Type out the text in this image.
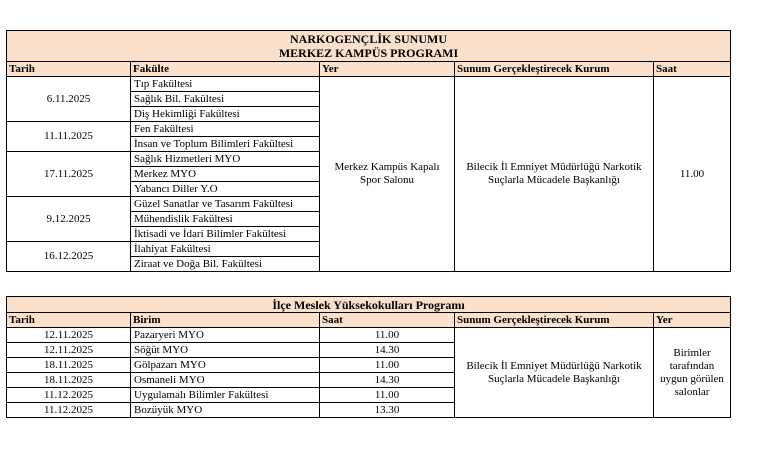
NARKOGENÇLİK SUNUMU
MERKEZ KAMPÜS PROGRAMI				

Tarih	Fakülte	Yer	Sunum Gerçekleştirecek Kurum	Saat
6.11.2025	Tıp Fakültesi	Merkez Kampüs Kapalı Spor Salonu	Bilecik İl Emniyet Müdürlüğü Narkotik Suçlarla Mücadele Başkanlığı	11.00
	Sağlık Bil. Fakültesi			
	Diş Hekimliği Fakültesi			
11.11.2025	Fen Fakültesi			
	İnsan ve Toplum Bilimleri Fakültesi			
17.11.2025	Sağlık Hizmetleri MYO			
	Merkez MYO			
	Yabancı Diller Y.O			
9.12.2025	Güzel Sanatlar ve Tasarım Fakültesi			
	Mühendislik Fakültesi			
	İktisadi ve İdari Bilimler Fakültesi			
16.12.2025	İlahiyat Fakültesi			
	Ziraat ve Doğa Bil. Fakültesi			
İlçe Meslek Yüksekokulları Programı				
Tarih	Birim	Saat	Sunum Gerçekleştirecek Kurum	Yer
12.11.2025	Pazaryeri MYO	11.00	Bilecik İl Emniyet Müdürlüğü Narkotik Suçlarla Mücadele Başkanlığı	Birimler tarafından uygun görülen salonlar
12.11.2025	Söğüt MYO	14.30		
18.11.2025	Gölpazarı MYO	11.00		
18.11.2025	Osmaneli MYO	14.30		
11.12.2025	Uygulamalı Bilimler Fakültesi	11.00		
11.12.2025	Bozüyük MYO	13.30		
